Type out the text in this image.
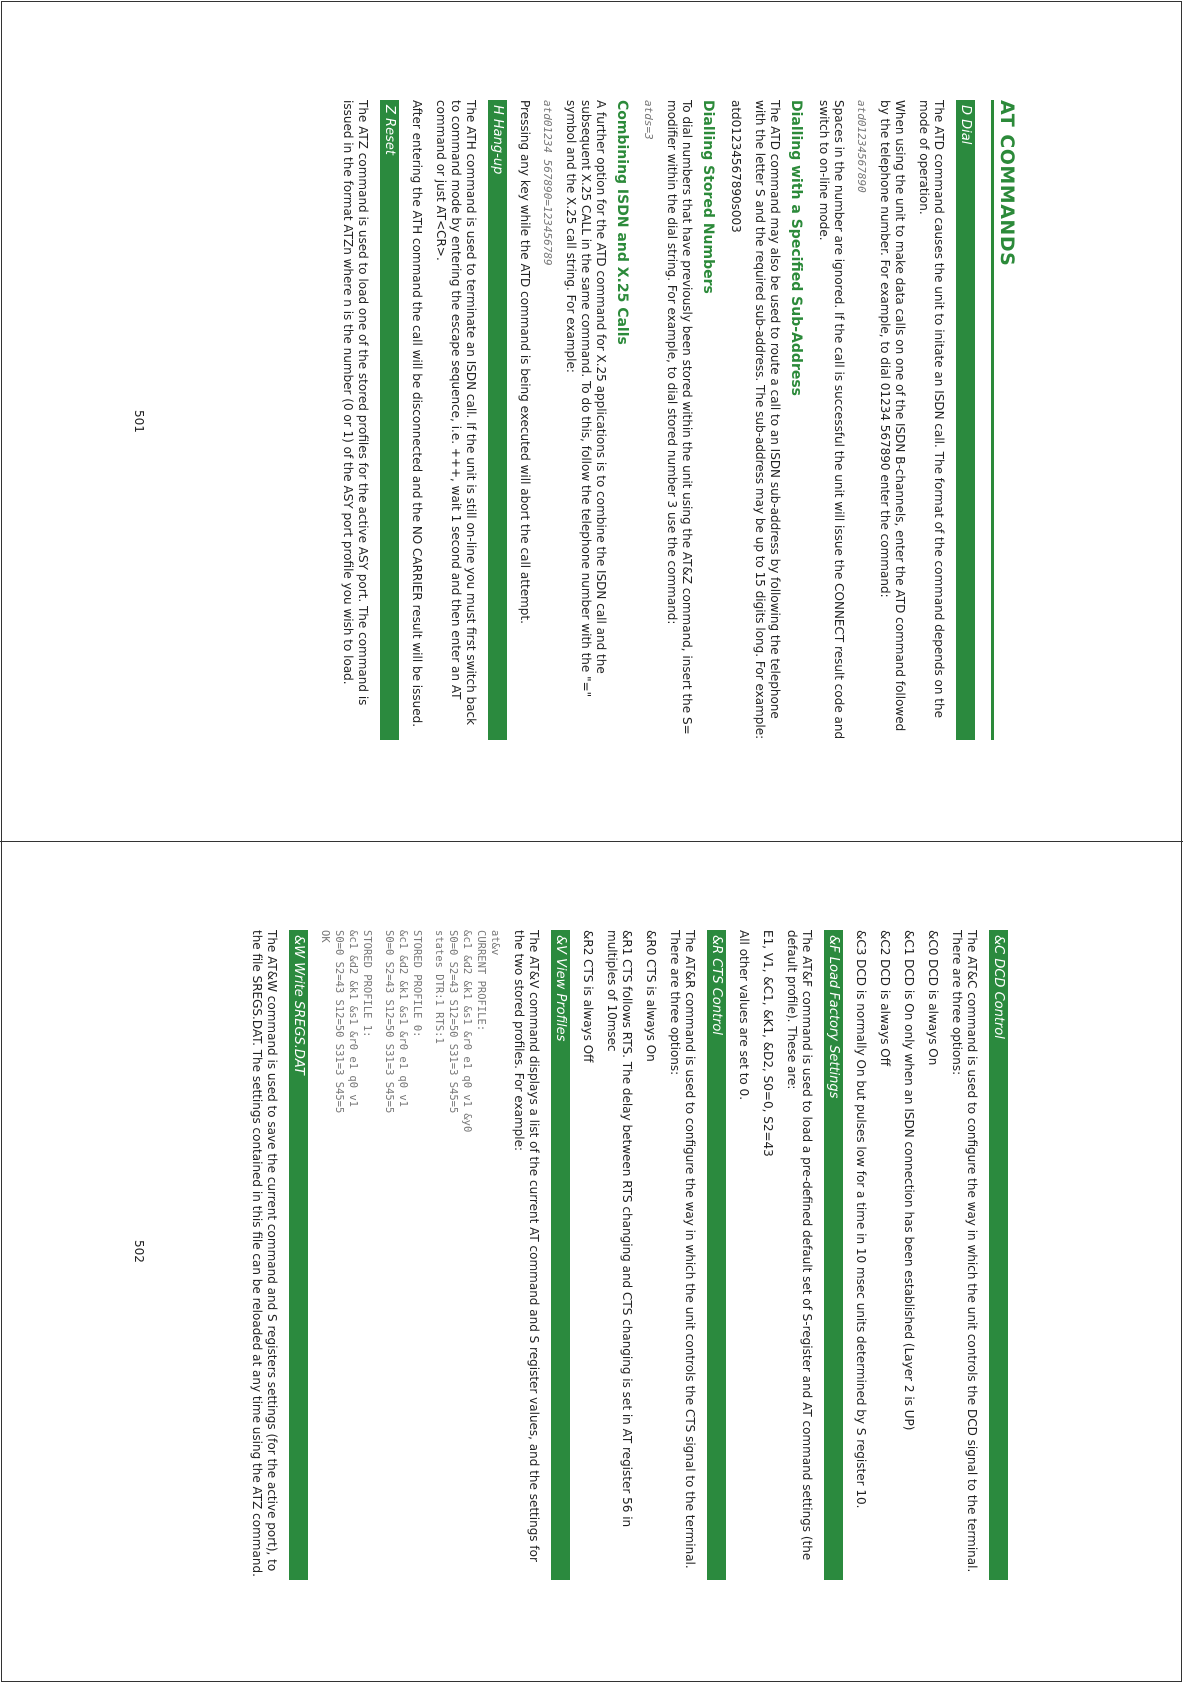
AT COMMANDS
D Dial

The ATD command causes the unit to initate an ISDN call. The format of the command depends on the mode of operation.

When using the unit to make data calls on one of the ISDN B-channels, enter the ATD command followed by the telephone number. For example, to dial 01234 567890 enter the command:

atd01234567890

Spaces in the number are ignored. If the call is successful the unit will issue the CONNECT result code and switch to on-line mode.

Dialling with a Specified Sub-Address

The ATD command may also be used to route a call to an ISDN sub-address by following the telephone with the letter S and the required sub-address. The sub-address may be up to 15 digits long. For example:

atd01234567890s003

Dialling Stored Numbers

To dial numbers that have previously been stored within the unit using the AT&Z command, insert the S= modifier within the dial string. For example, to dial stored number 3 use the command:

atds=3
Combining ISDN and X.25 Calls

A further option for the ATD command for X.25 applications is to combine the ISDN call and the subsequent X.25 CALL in the same command. To do this, follow the telephone number with the "=" symbol and the X.25 call string. For example:

atd01234 567890=123456789

Pressing any key while the ATD command is being executed will abort the call attempt.

H Hang-up

The ATH command is used to terminate an ISDN call. If the unit is still on-line you must first switch back to command mode by entering the escape sequence, i.e. +++, wait 1 second and then enter an AT command or just AT<CR>.

After entering the ATH command the call will be disconnected and the NO CARRIER result will be issued.

Z Reset

The ATZ command is used to load one of the stored profiles for the active ASY port. The command is issued in the format ATZn where n is the number (0 or 1) of the ASY port profile you wish to load.

501
&C DCD Control

The AT&C command is used to configure the way in which the unit controls the DCD signal to the terminal. There are three options:

&C0 DCD is always On

&C1 DCD is On only when an ISDN connection has been established (Layer 2 is UP)

&C2 DCD is always Off

&C3 DCD is normally On but pulses low for a time in 10 msec units determined by S register 10.

&F Load Factory Settings

The AT&F command is used to load a pre-defined default set of S-register and AT command settings (the default profile). These are:

E1, V1, &C1, &K1, &D2, S0=0, S2=43

All other values are set to 0.

&R CTS Control

The AT&R command is used to configure the way in which the unit controls the CTS signal to the terminal. There are three options:

&R0 CTS is always On

&R1 CTS follows RTS. The delay between RTS changing and CTS changing is set in AT register 56 in multiples of 10msec

&R2 CTS is always Off

&V View Profiles

The AT&V command displays a list of the current AT command and S register values, and the settings for the two stored profiles. For example:

at&v
CURRENT PROFILE:
&c1 &d2 &k1 &s1 &r0 e1 q0 v1 &y0
S0=0 S2=43 S12=50 S31=3 S45=5
states DTR:1 RTS:1
STORED PROFILE 0:
&c1 &d2 &k1 &s1 &r0 e1 q0 v1
S0=0 S2=43 S12=50 S31=3 S45=5
STORED PROFILE 1:
&c1 &d2 &k1 &s1 &r0 e1 q0 v1
S0=0 S2=43 S12=50 S31=3 S45=5
OK
&W Write SREGS.DAT

The AT&W command is used to save the current command and S registers settings (for the active port), to the file SREGS.DAT. The settings contained in this file can be reloaded at any time using the ATZ command.

502
